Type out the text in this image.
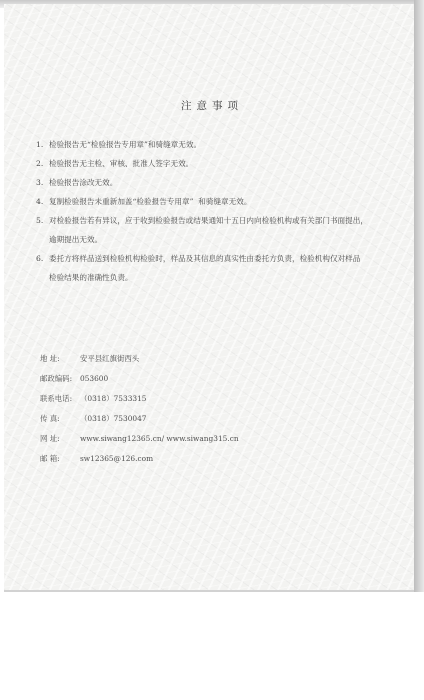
注意事项
1. 检验报告无“检验报告专用章”和骑缝章无效。
2. 检验报告无主检、审核、批准人签字无效。
3. 检验报告涂改无效。
4. 复制检验报告未重新加盖“检验报告专用章”  和骑缝章无效。
5. 对检验报告若有异议，应于收到检验报告或结果通知十五日内向检验机构或有关部门书面提出，
逾期提出无效。
6. 委托方将样品送到检验机构检验时，样品及其信息的真实性由委托方负责，检验机构仅对样品
检验结果的准确性负责。
地 址:	安平县红旗街西头
邮政编码:	053600
联系电话:	（0318）7533315
传 真:	（0318）7530047
网 址:	www.siwang12365.cn/ www.siwang315.cn
邮 箱:	sw12365@126.com
